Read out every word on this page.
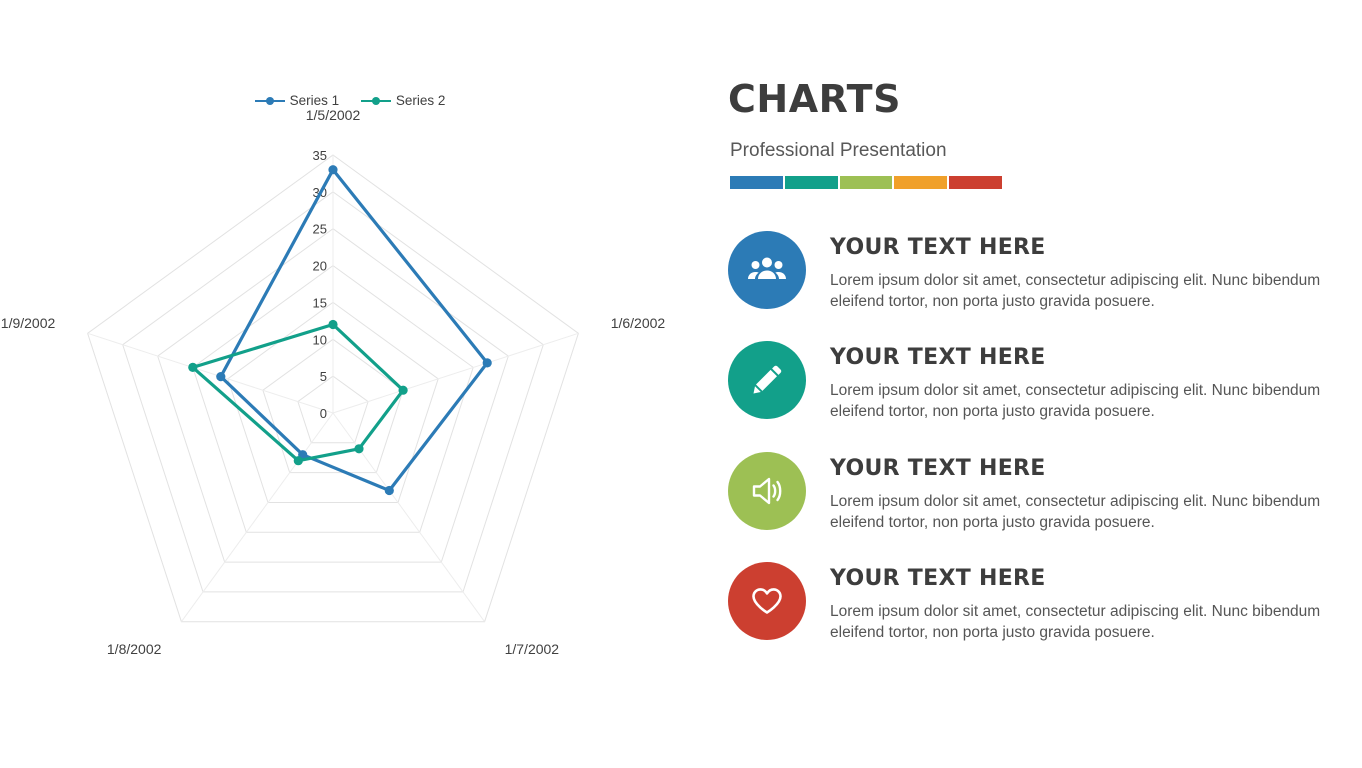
Series 1	Series 2
0
5
10
15
20
25
30
35
1/5/2002
1/6/2002
1/7/2002
1/8/2002
1/9/2002
CHARTS
Professional Presentation
YOUR TEXT HERE
Lorem ipsum dolor sit amet, consectetur adipiscing elit. Nunc bibendum eleifend tortor, non porta justo gravida posuere.
YOUR TEXT HERE
Lorem ipsum dolor sit amet, consectetur adipiscing elit. Nunc bibendum eleifend tortor, non porta justo gravida posuere.
YOUR TEXT HERE
Lorem ipsum dolor sit amet, consectetur adipiscing elit. Nunc bibendum eleifend tortor, non porta justo gravida posuere.
YOUR TEXT HERE
Lorem ipsum dolor sit amet, consectetur adipiscing elit. Nunc bibendum eleifend tortor, non porta justo gravida posuere.
